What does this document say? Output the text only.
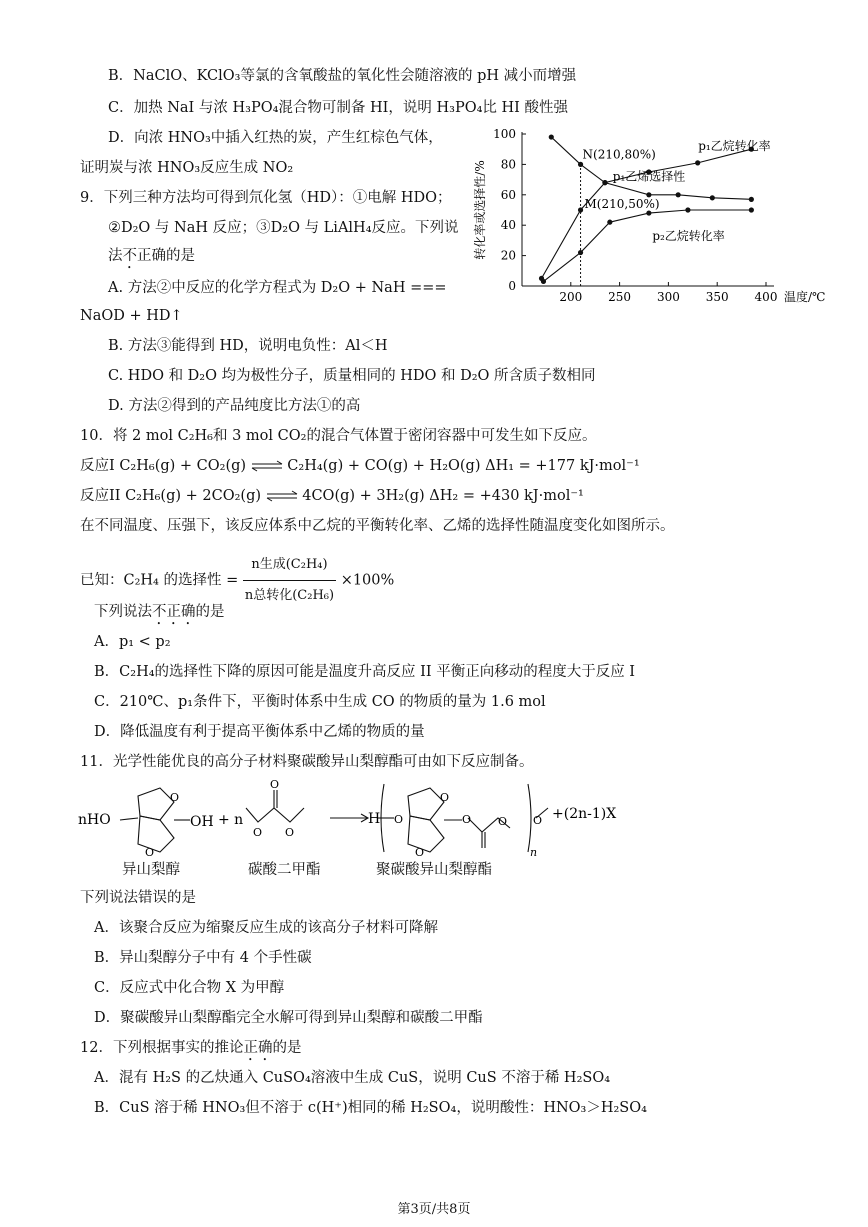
B．NaClO、KClO₃等氯的含氧酸盐的氧化性会随溶液的 pH 减小而增强
C．加热 NaI 与浓 H₃PO₄混合物可制备 HI，说明 H₃PO₄比 HI 酸性强
D．向浓 HNO₃中插入红热的炭，产生红棕色气体，
证明炭与浓 HNO₃反应生成 NO₂
9．下列三种方法均可得到氘化氢（HD）：①电解 HDO；
②D₂O 与 NaH 反应；③D₂O 与 LiAlH₄反应。下列说
法不正确的是
A. 方法②中反应的化学方程式为 D₂O + NaH ===
NaOD + HD↑
B. 方法③能得到 HD，说明电负性：Al＜H
C. HDO 和 D₂O 均为极性分子，质量相同的 HDO 和 D₂O 所含质子数相同
D. 方法②得到的产品纯度比方法①的高
0
20
40
60
80
100
200 250 300 350 400 温度/℃
转化率或选择性/%
p₁乙烷转化率
p₁乙烯选择性
p₂乙烷转化率
N(210,80%)
M(210,50%)
10．将 2 mol C₂H₆和 3 mol CO₂的混合气体置于密闭容器中可发生如下反应。
反应I C₂H₆(g) + CO₂(g) ⇌ C₂H₄(g) + CO(g) + H₂O(g) ΔH₁ = +177 kJ·mol⁻¹
反应II C₂H₆(g) + 2CO₂(g) ⇌ 4CO(g) + 3H₂(g) ΔH₂ = +430 kJ·mol⁻¹
在不同温度、压强下，该反应体系中乙烷的平衡转化率、乙烯的选择性随温度变化如图所示。
已知：C₂H₄ 的选择性 = $\frac{\text{n生成(C₂H₄)}}{\text{n总转化(C₂H₆)}} \times 100\%$
下列说法不正确的是
A．p₁ < p₂
B．C₂H₄的选择性下降的原因可能是温度升高反应 II 平衡正向移动的程度大于反应 I
C．210℃、p₁条件下，平衡时体系中生成 CO 的物质的量为 1.6 mol
D．降低温度有利于提高平衡体系中乙烯的物质的量
11．光学性能优良的高分子材料聚碳酸异山梨醇酯可由如下反应制备。
nHO	OH
O
O
+ n
O O
O
H O	O
O
O
O O
n
+(2n-1)X
异山梨醇	碳酸二甲酯	聚碳酸异山梨醇酯
下列说法错误的是
A．该聚合反应为缩聚反应生成的该高分子材料可降解
B．异山梨醇分子中有 4 个手性碳
C．反应式中化合物 X 为甲醇
D．聚碳酸异山梨醇酯完全水解可得到异山梨醇和碳酸二甲酯
12．下列根据事实的推论正确的是
A．混有 H₂S 的乙炔通入 CuSO₄溶液中生成 CuS，说明 CuS 不溶于稀 H₂SO₄
B．CuS 溶于稀 HNO₃但不溶于 c(H⁺)相同的稀 H₂SO₄，说明酸性：HNO₃＞H₂SO₄
第3页/共8页
